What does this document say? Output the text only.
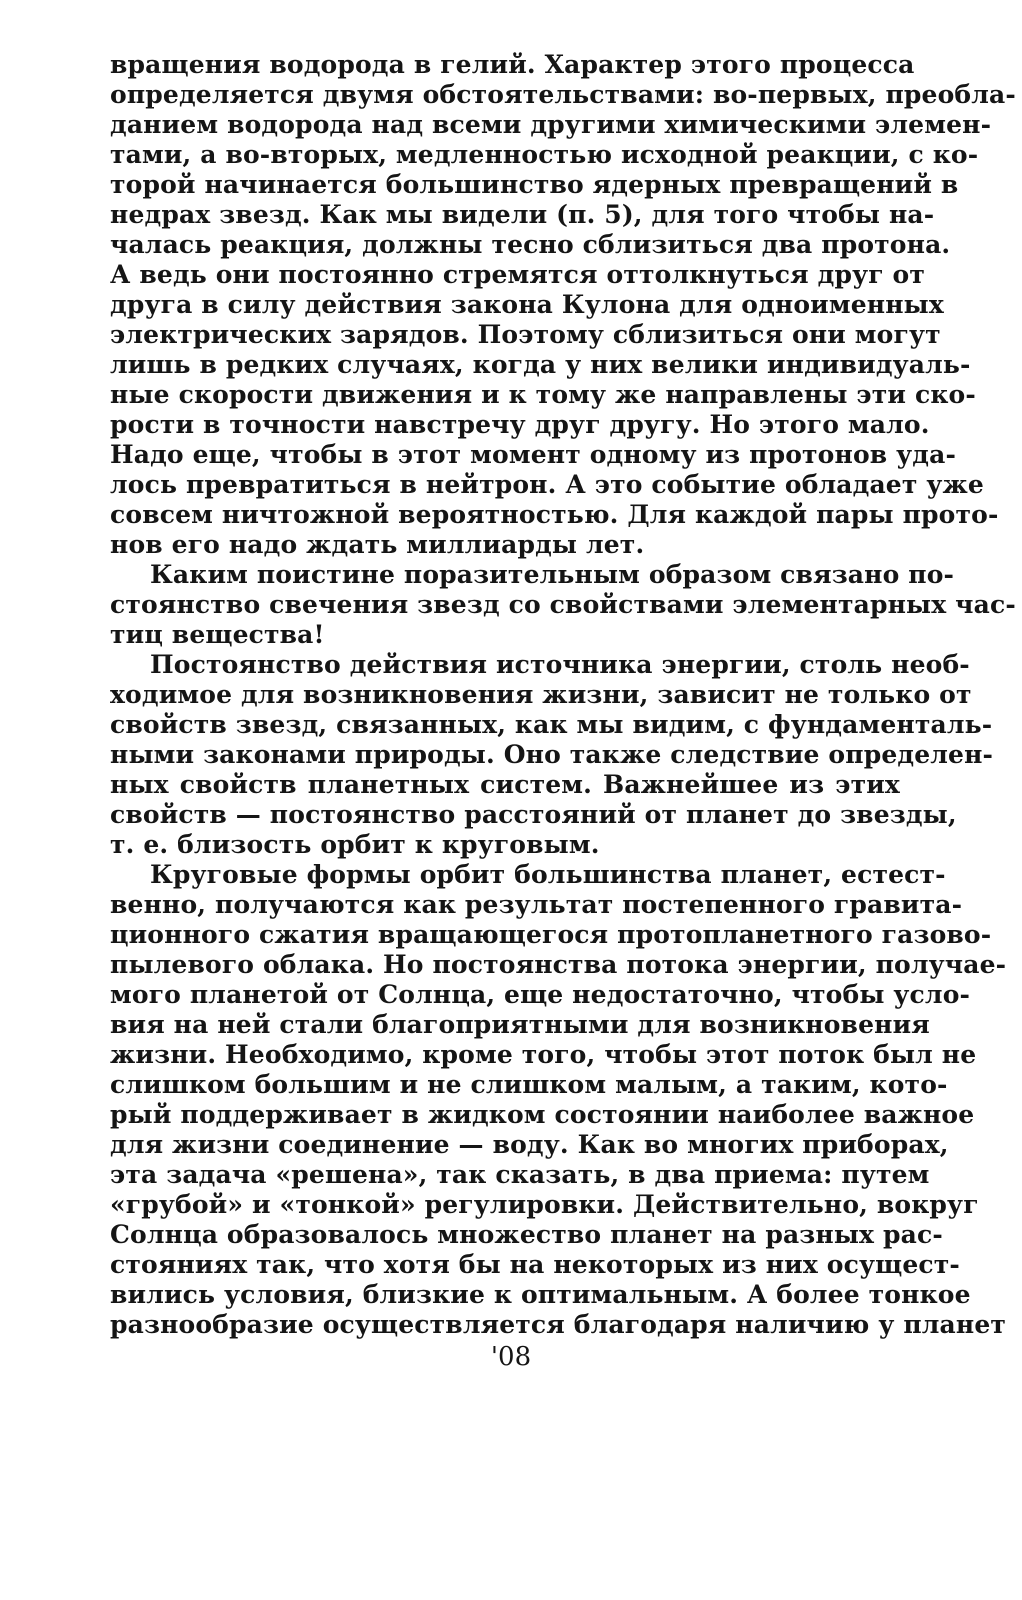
вращения водорода в гелий. Характер этого процесса
определяется двумя обстоятельствами: во-первых, преобла-
данием водорода над всеми другими химическими элемен-
тами, а во-вторых, медленностью исходной реакции, с ко-
торой начинается большинство ядерных превращений в
недрах звезд. Как мы видели (п. 5), для того чтобы на-
чалась реакция, должны тесно сблизиться два протона.
А ведь они постоянно стремятся оттолкнуться друг от
друга в силу действия закона Кулона для одноименных
электрических зарядов. Поэтому сблизиться они могут
лишь в редких случаях, когда у них велики индивидуаль-
ные скорости движения и к тому же направлены эти ско-
рости в точности навстречу друг другу. Но этого мало.
Надо еще, чтобы в этот момент одному из протонов уда-
лось превратиться в нейтрон. А это событие обладает уже
совсем ничтожной вероятностью. Для каждой пары прото-
нов его надо ждать миллиарды лет.
Каким поистине поразительным образом связано по-
стоянство свечения звезд со свойствами элементарных час-
тиц вещества!
Постоянство действия источника энергии, столь необ-
ходимое для возникновения жизни, зависит не только от
свойств звезд, связанных, как мы видим, с фундаменталь-
ными законами природы. Оно также следствие определен-
ных свойств планетных систем. Важнейшее из этих
свойств — постоянство расстояний от планет до звезды,
т. е. близость орбит к круговым.
Круговые формы орбит большинства планет, естест-
венно, получаются как результат постепенного гравита-
ционного сжатия вращающегося протопланетного газово-
пылевого облака. Но постоянства потока энергии, получае-
мого планетой от Солнца, еще недостаточно, чтобы усло-
вия на ней стали благоприятными для возникновения
жизни. Необходимо, кроме того, чтобы этот поток был не
слишком большим и не слишком малым, а таким, кото-
рый поддерживает в жидком состоянии наиболее важное
для жизни соединение — воду. Как во многих приборах,
эта задача «решена», так сказать, в два приема: путем
«грубой» и «тонкой» регулировки. Действительно, вокруг
Солнца образовалось множество планет на разных рас-
стояниях так, что хотя бы на некоторых из них осущест-
вились условия, близкие к оптимальным. А более тонкое
разнообразие осуществляется благодаря наличию у планет
'08
